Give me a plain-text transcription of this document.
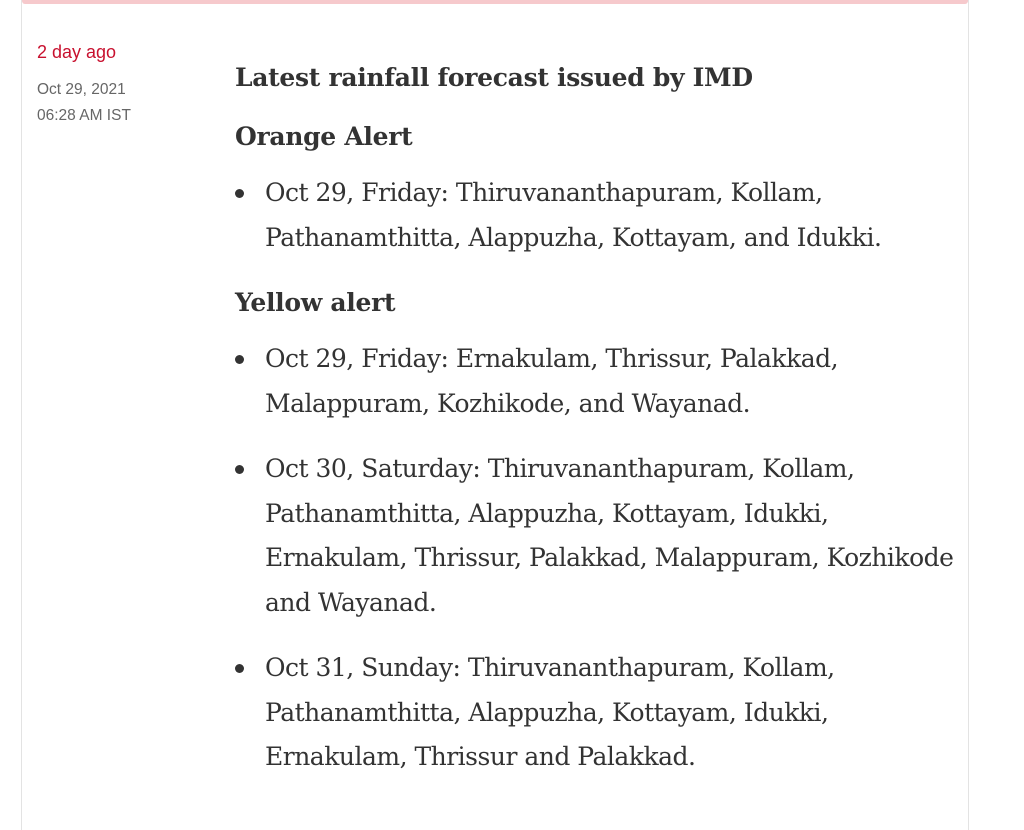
2 day ago

Oct 29, 2021

06:28 AM IST

Latest rainfall forecast issued by IMD
Orange Alert
Oct 29, Friday: Thiruvananthapuram, Kollam, Pathanamthitta, Alappuzha, Kottayam, and Idukki.
Yellow alert
Oct 29, Friday: Ernakulam, Thrissur, Palakkad, Malappuram, Kozhikode, and Wayanad.
Oct 30, Saturday: Thiruvananthapuram, Kollam, Pathanamthitta, Alappuzha, Kottayam, Idukki, Ernakulam, Thrissur, Palakkad, Malappuram, Kozhikode and Wayanad.
Oct 31, Sunday: Thiruvananthapuram, Kollam, Pathanamthitta, Alappuzha, Kottayam, Idukki, Ernakulam, Thrissur and Palakkad.
